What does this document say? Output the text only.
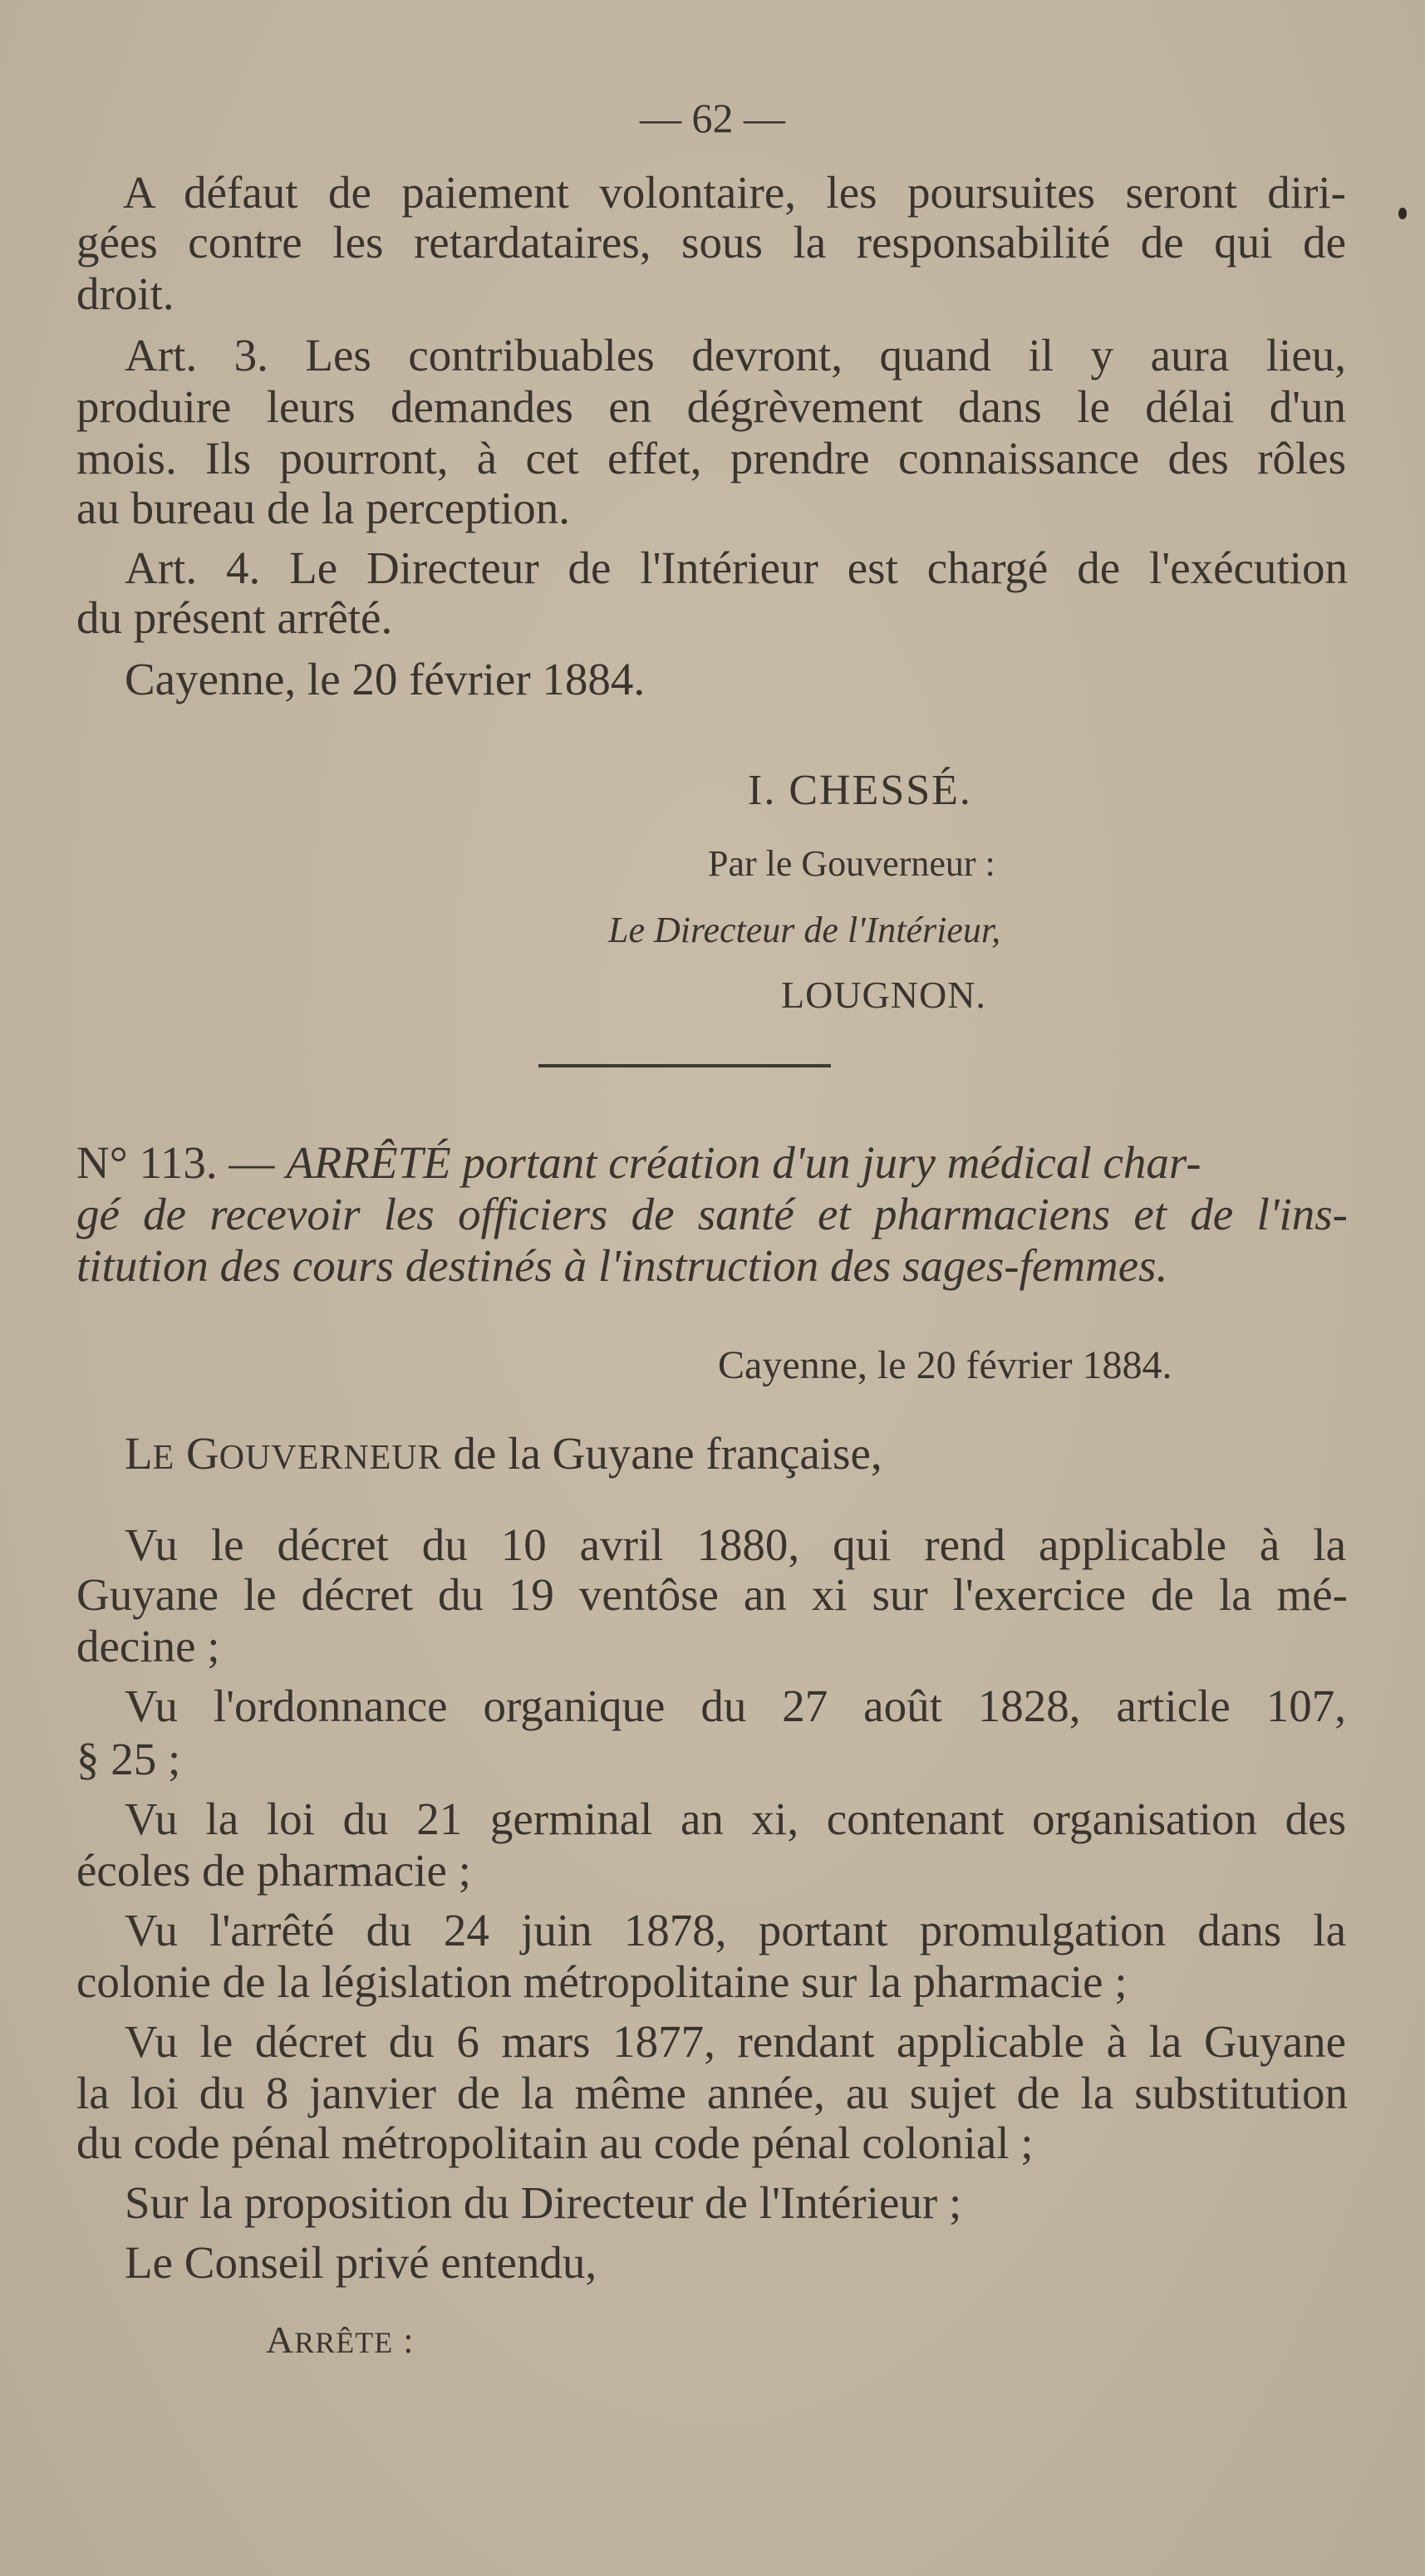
— 62 —
A défaut de paiement volontaire, les poursuites seront diri-
gées contre les retardataires, sous la responsabilité de qui de
droit.
Art. 3. Les contribuables devront, quand il y aura lieu,
produire leurs demandes en dégrèvement dans le délai d'un
mois. Ils pourront, à cet effet, prendre connaissance des rôles
au bureau de la perception.
Art. 4. Le Directeur de l'Intérieur est chargé de l'exécution
du présent arrêté.
Cayenne, le 20 février 1884.
I. CHESSÉ.
Par le Gouverneur :
Le Directeur de l'Intérieur,
LOUGNON.
N° 113. — ARRÊTÉ portant création d'un jury médical char-
gé de recevoir les officiers de santé et pharmaciens et de l'ins-
titution des cours destinés à l'instruction des sages-femmes.
Cayenne, le 20 février 1884.
LE GOUVERNEUR de la Guyane française,
Vu le décret du 10 avril 1880, qui rend applicable à la
Guyane le décret du 19 ventôse an xi sur l'exercice de la mé-
decine ;
Vu l'ordonnance organique du 27 août 1828, article 107,
§ 25 ;
Vu la loi du 21 germinal an xi, contenant organisation des
écoles de pharmacie ;
Vu l'arrêté du 24 juin 1878, portant promulgation dans la
colonie de la législation métropolitaine sur la pharmacie ;
Vu le décret du 6 mars 1877, rendant applicable à la Guyane
la loi du 8 janvier de la même année, au sujet de la substitution
du code pénal métropolitain au code pénal colonial ;
Sur la proposition du Directeur de l'Intérieur ;
Le Conseil privé entendu,
ARRÊTE :
